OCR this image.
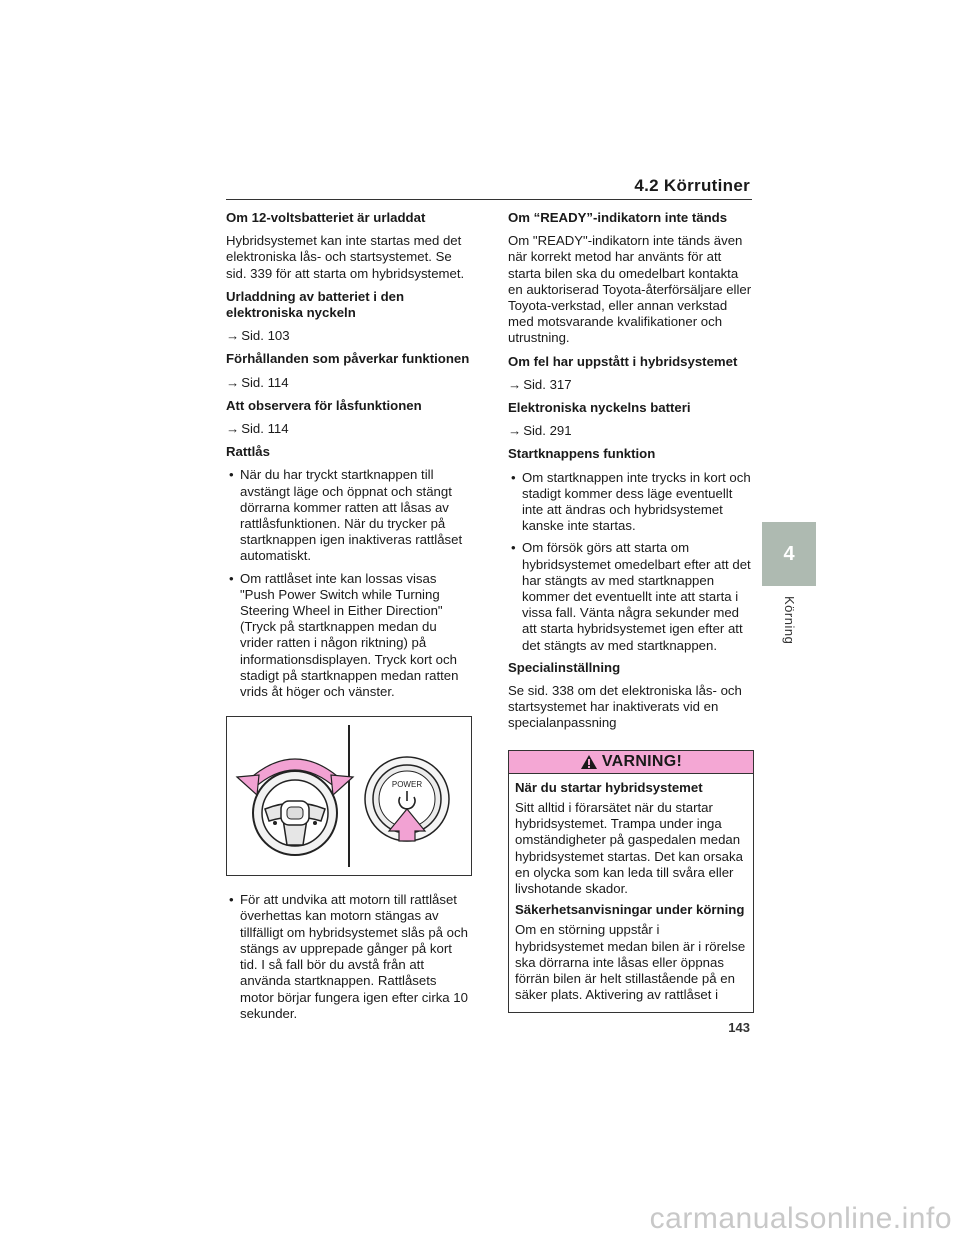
4.2 Körrutiner
Om 12-voltsbatteriet är urladdat
Hybridsystemet kan inte startas med det elektroniska lås- och startsystemet. Se sid. 339 för att starta om hybridsystemet.
Urladdning av batteriet i den elektroniska nyckeln
→ Sid. 103
Förhållanden som påverkar funktionen
→ Sid. 114
Att observera för låsfunktionen
→ Sid. 114
Rattlås
• När du har tryckt startknappen till avstängt läge och öppnat och stängt dörrarna kommer ratten att låsas av rattlåsfunktionen. När du trycker på startknappen igen inaktiveras rattlåset automatiskt.
• Om rattlåset inte kan lossas visas "Push Power Switch while Turning Steering Wheel in Either Direction" (Tryck på startknappen medan du vrider ratten i någon riktning) på informationsdisplayen. Tryck kort och stadigt på startknappen medan ratten vrids åt höger och vänster.
POWER
• För att undvika att motorn till rattlåset överhettas kan motorn stängas av tillfälligt om hybridsystemet slås på och stängs av upprepade gånger på kort tid. I så fall bör du avstå från att använda startknappen. Rattlåsets motor börjar fungera igen efter cirka 10 sekunder.
Om “READY”-indikatorn inte tänds
Om "READY"-indikatorn inte tänds även när korrekt metod har använts för att starta bilen ska du omedelbart kontakta en auktoriserad Toyota-återförsäljare eller Toyota-verkstad, eller annan verkstad med motsvarande kvalifikationer och utrustning.
Om fel har uppstått i hybridsystemet
→ Sid. 317
Elektroniska nyckelns batteri
→ Sid. 291
Startknappens funktion
• Om startknappen inte trycks in kort och stadigt kommer dess läge eventuellt inte att ändras och hybridsystemet kanske inte startas.
• Om försök görs att starta om hybridsystemet omedelbart efter att det har stängts av med startknappen kommer det eventuellt inte att starta i vissa fall. Vänta några sekunder med att starta hybridsystemet igen efter att det stängts av med startknappen.
Specialinställning
Se sid. 338 om det elektroniska lås- och startsystemet har inaktiverats vid en specialanpassning
VARNING!
När du startar hybridsystemet
Sitt alltid i förarsätet när du startar hybridsystemet. Trampa under inga omständigheter på gaspedalen medan hybridsystemet startas. Det kan orsaka en olycka som kan leda till svåra eller livshotande skador.
Säkerhetsanvisningar under körning
Om en störning uppstår i hybridsystemet medan bilen är i rörelse ska dörrarna inte låsas eller öppnas förrän bilen är helt stillastående på en säker plats. Aktivering av rattlåset i
4
Körning
143
carmanualsonline.info
